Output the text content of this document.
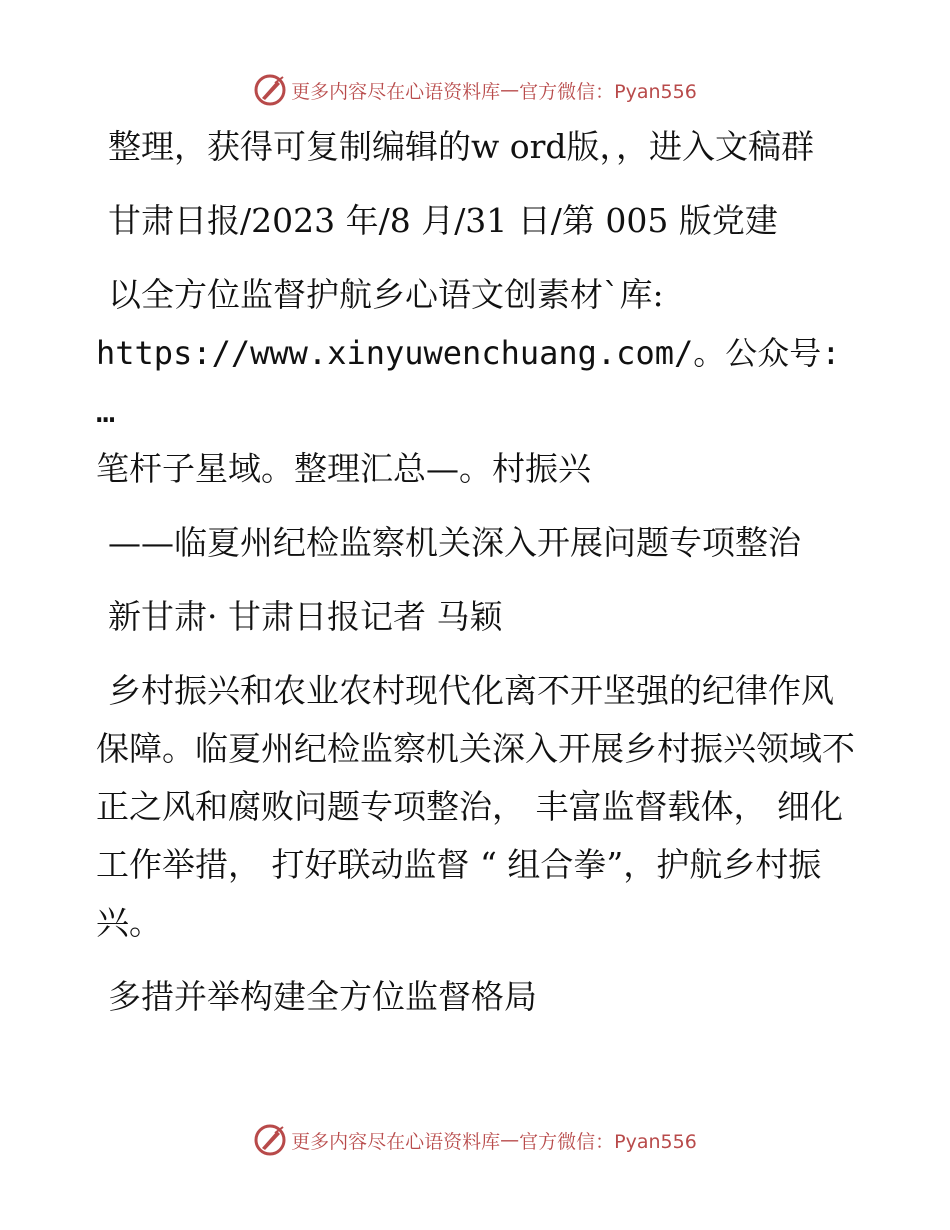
更多内容尽在心语资料库 — 官方微信：Pyan556

整理，获得可复制编辑的w ord版，，进入文稿群

甘肃日报/2023 年/8 月/31 日/第 005 版党建

以全方位监督护航乡心语文创素材`库:

https://www.xinyuwenchuang.com/。公众号: …

笔杆子星域。整理汇总—。村振兴

——临夏州纪检监察机关深入开展问题专项整治

新甘肃· 甘肃日报记者 马颖

乡村振兴和农业农村现代化离不开坚强的纪律作风保障。临夏州纪检监察机关深入开展乡村振兴领域不正之风和腐败问题专项整治， 丰富监督载体， 细化工作举措， 打好联动监督 “ 组合拳”，护航乡村振兴。

多措并举构建全方位监督格局

更多内容尽在心语资料库 — 官方微信：Pyan556
